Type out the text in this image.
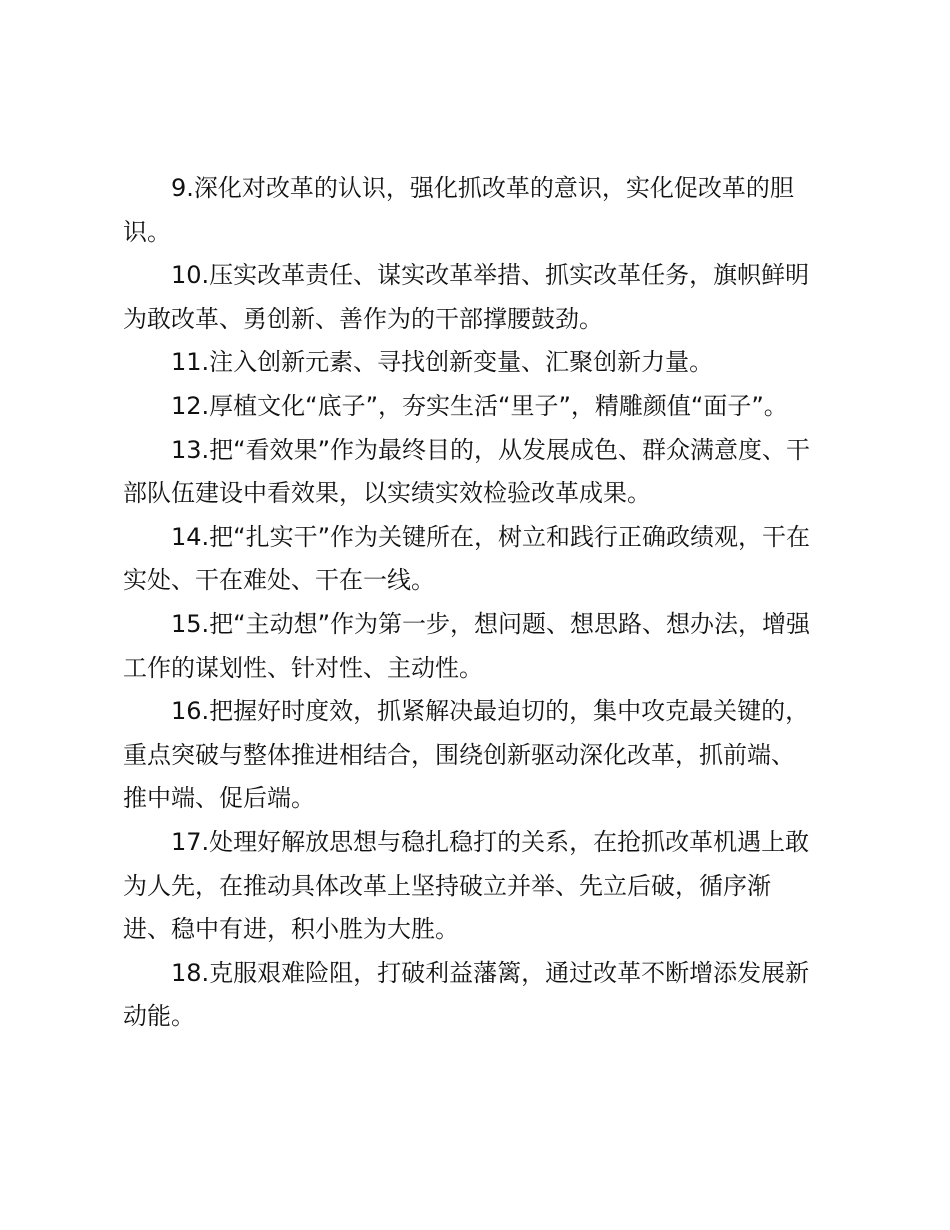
9.深化对改革的认识，强化抓改革的意识，实化促改革的胆
识。

10.压实改革责任、谋实改革举措、抓实改革任务，旗帜鲜明
为敢改革、勇创新、善作为的干部撑腰鼓劲。

11.注入创新元素、寻找创新变量、汇聚创新力量。

12.厚植文化“底子”，夯实生活“里子”，精雕颜值“面子”。

13.把“看效果”作为最终目的，从发展成色、群众满意度、干
部队伍建设中看效果，以实绩实效检验改革成果。

14.把“扎实干”作为关键所在，树立和践行正确政绩观，干在
实处、干在难处、干在一线。

15.把“主动想”作为第一步，想问题、想思路、想办法，增强
工作的谋划性、针对性、主动性。

16.把握好时度效，抓紧解决最迫切的，集中攻克最关键的，
重点突破与整体推进相结合，围绕创新驱动深化改革，抓前端、
推中端、促后端。

17.处理好解放思想与稳扎稳打的关系，在抢抓改革机遇上敢
为人先，在推动具体改革上坚持破立并举、先立后破，循序渐
进、稳中有进，积小胜为大胜。

18.克服艰难险阻，打破利益藩篱，通过改革不断增添发展新
动能。
